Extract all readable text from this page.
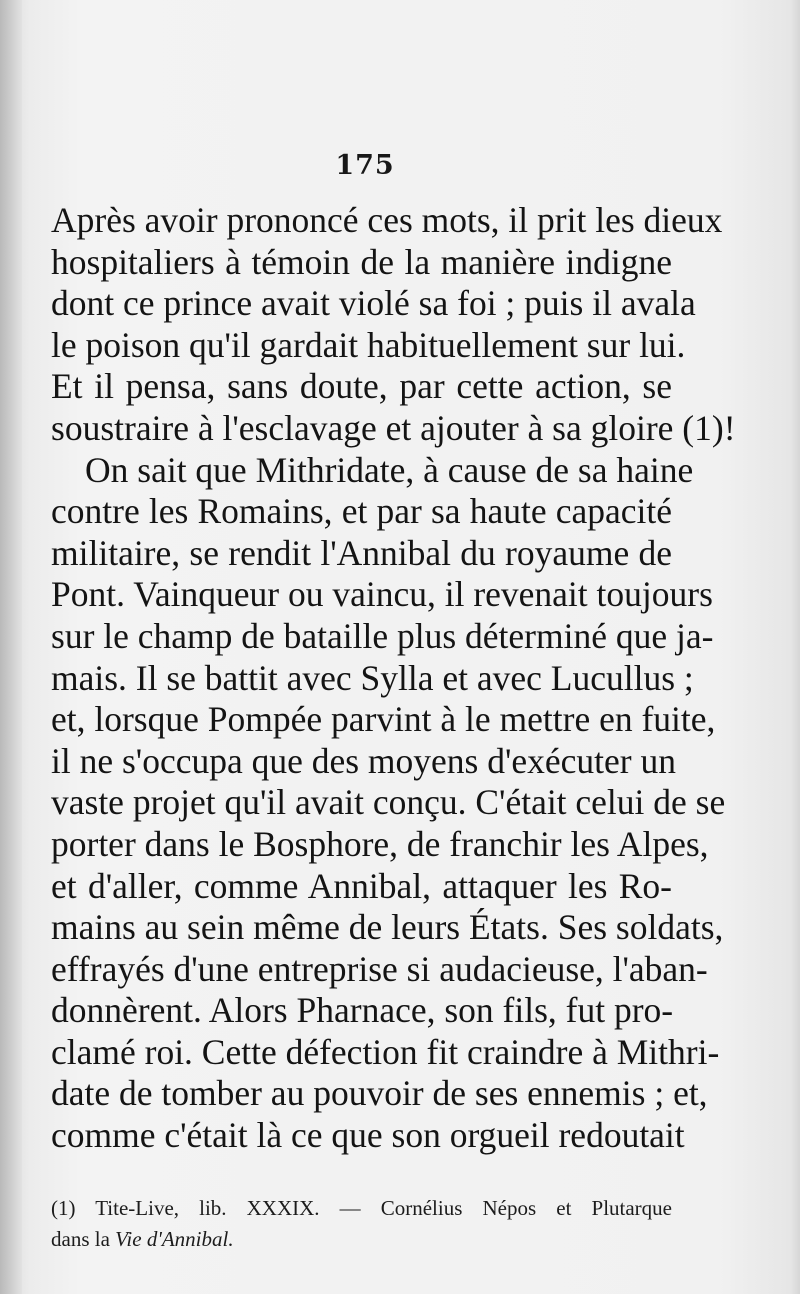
175
Après avoir prononcé ces mots, il prit les dieux
hospitaliers à témoin de la manière indigne
dont ce prince avait violé sa foi ; puis il avala
le poison qu'il gardait habituellement sur lui.
Et il pensa, sans doute, par cette action, se
soustraire à l'esclavage et ajouter à sa gloire (1)!
On sait que Mithridate, à cause de sa haine
contre les Romains, et par sa haute capacité
militaire, se rendit l'Annibal du royaume de
Pont. Vainqueur ou vaincu, il revenait toujours
sur le champ de bataille plus déterminé que ja-
mais. Il se battit avec Sylla et avec Lucullus ;
et, lorsque Pompée parvint à le mettre en fuite,
il ne s'occupa que des moyens d'exécuter un
vaste projet qu'il avait conçu. C'était celui de se
porter dans le Bosphore, de franchir les Alpes,
et d'aller, comme Annibal, attaquer les Ro-
mains au sein même de leurs États. Ses soldats,
effrayés d'une entreprise si audacieuse, l'aban-
donnèrent. Alors Pharnace, son fils, fut pro-
clamé roi. Cette défection fit craindre à Mithri-
date de tomber au pouvoir de ses ennemis ; et,
comme c'était là ce que son orgueil redoutait
(1) Tite-Live, lib. XXXIX. — Cornélius Népos et Plutarque
dans la Vie d'Annibal.
